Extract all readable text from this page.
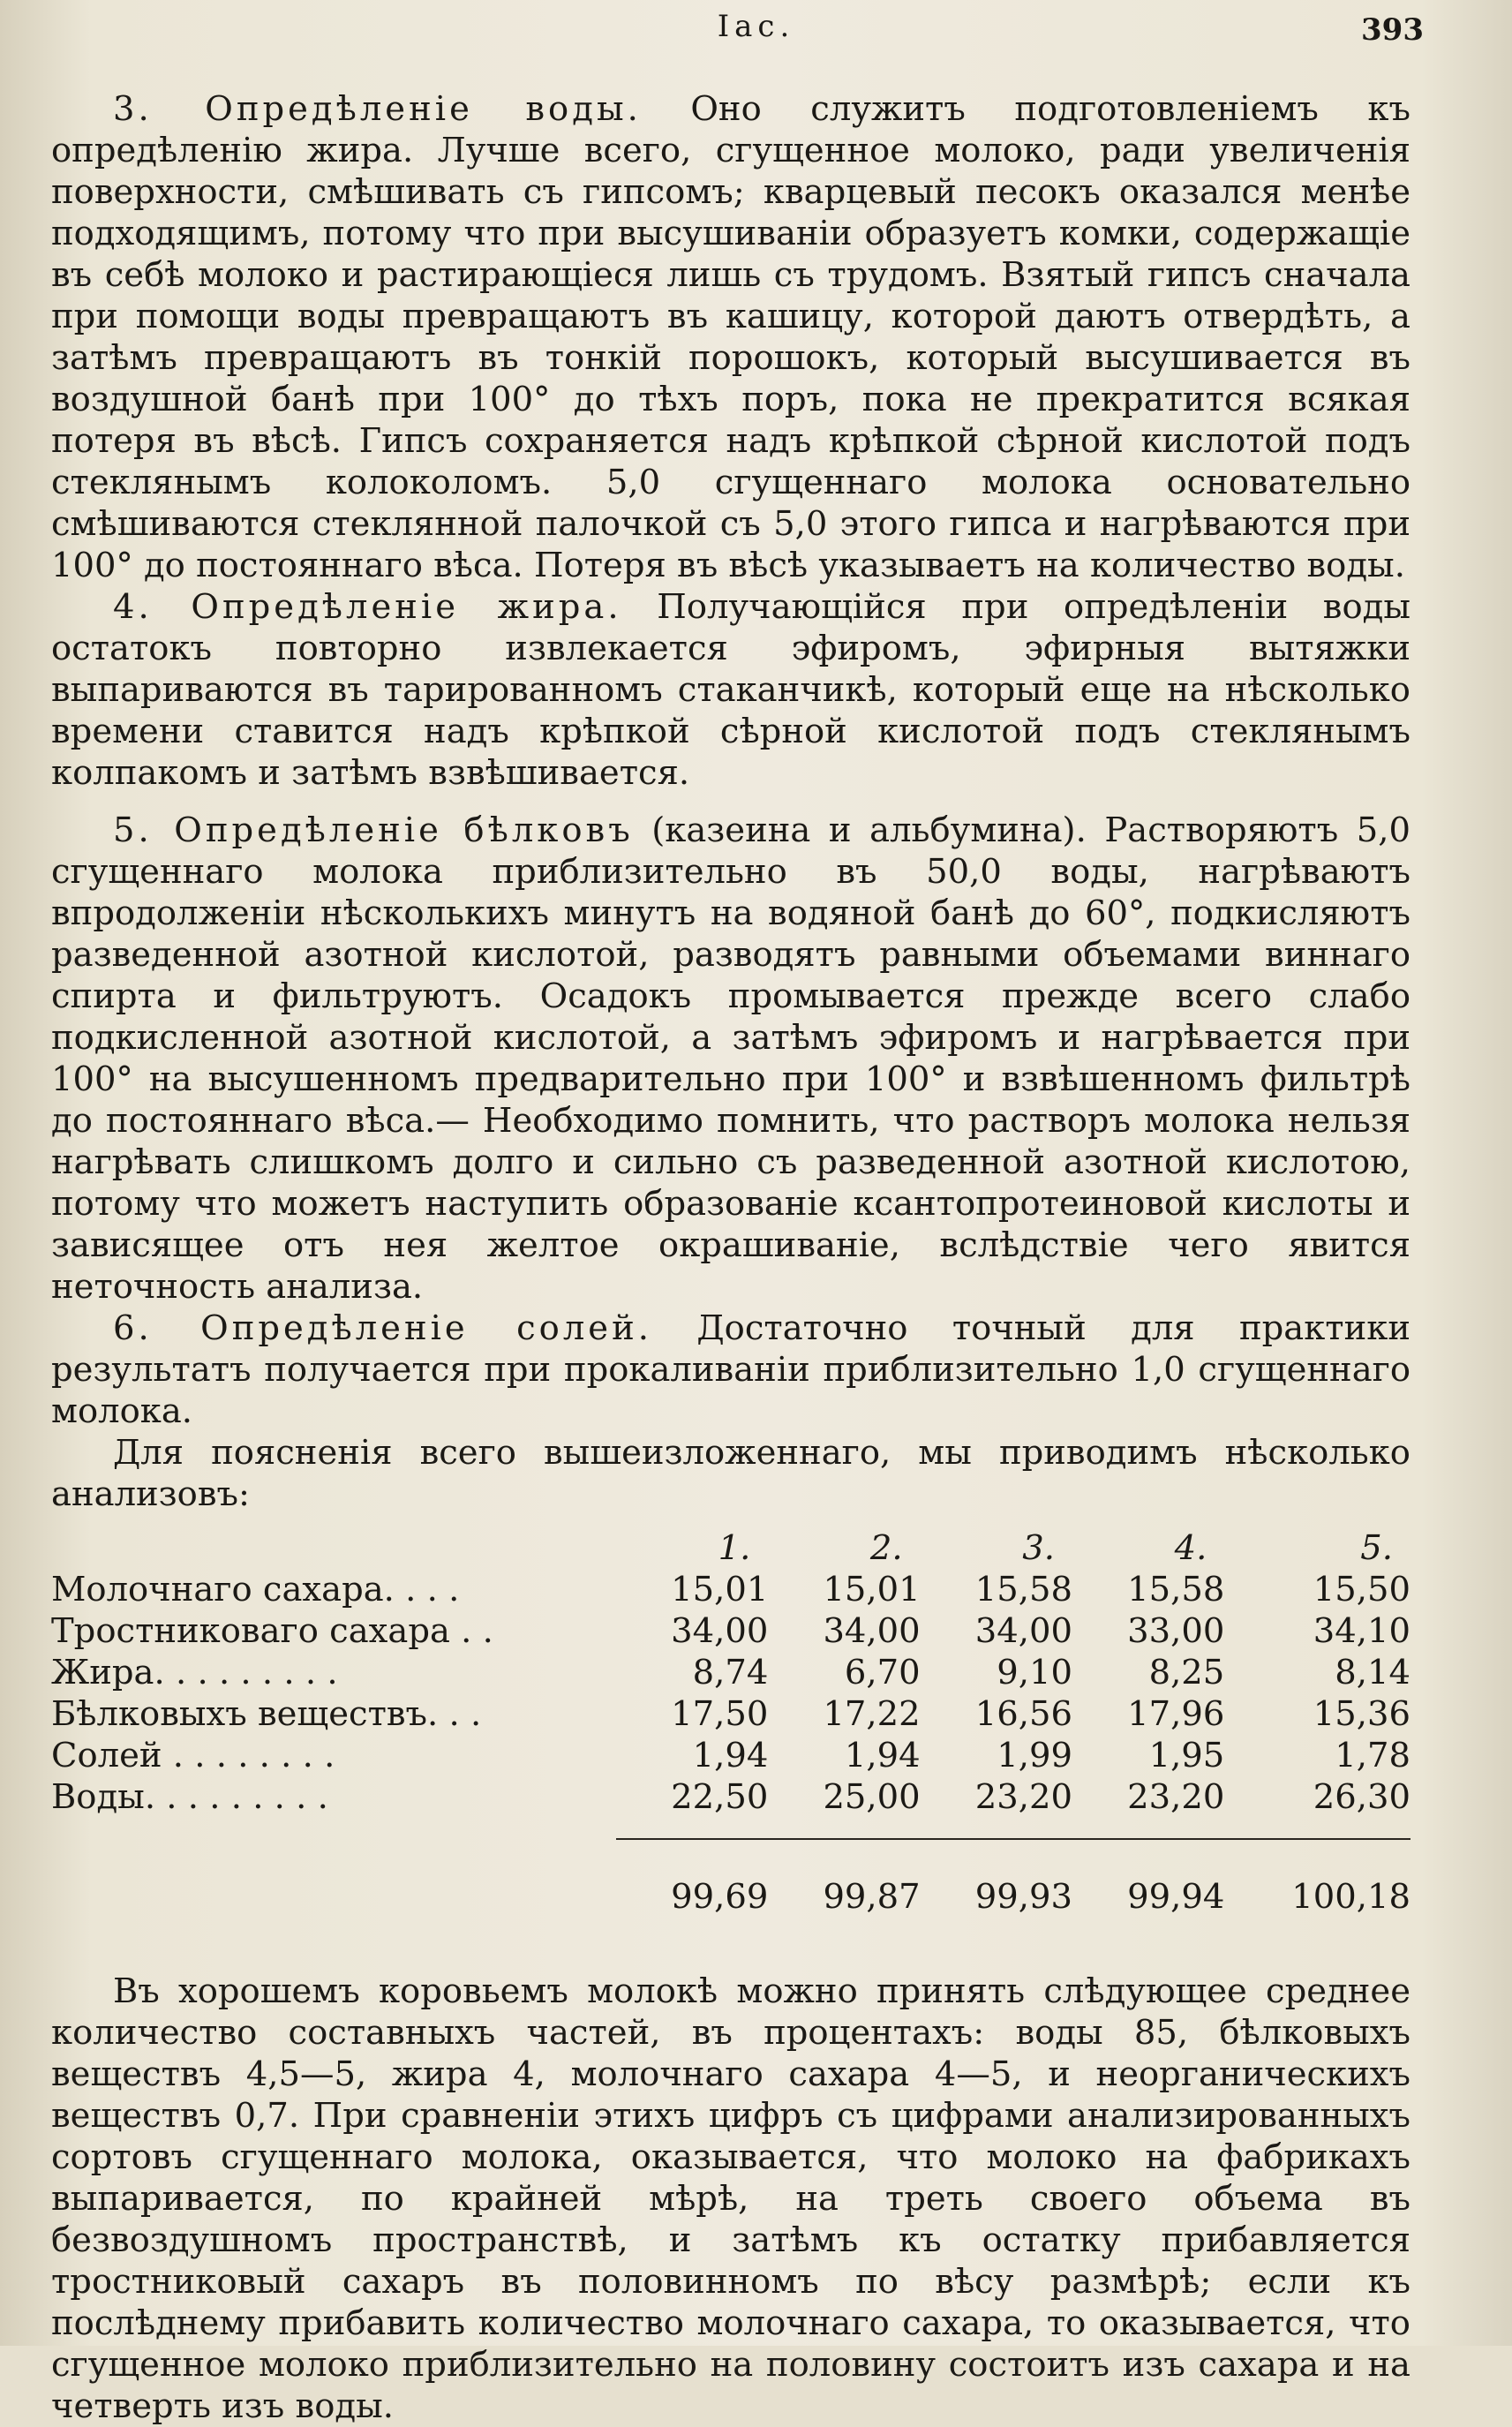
Iас.	393

3. Опредѣленіе воды. Оно служитъ подготовленіемъ къ опредѣленію жира. Лучше всего, сгущенное молоко, ради увеличенія поверхности, смѣшивать съ гипсомъ; кварцевый песокъ оказался менѣе подходящимъ, потому что при высушиваніи образуетъ комки, содержащіе въ себѣ молоко и растирающіеся лишь съ трудомъ. Взятый гипсъ сначала при помощи воды превращаютъ въ кашицу, которой даютъ отвердѣть, а затѣмъ превращаютъ въ тонкій порошокъ, который высушивается въ воздушной банѣ при 100° до тѣхъ поръ, пока не прекратится всякая потеря въ вѣсѣ. Гипсъ сохраняется надъ крѣпкой сѣрной кислотой подъ стеклянымъ колоколомъ. 5,0 сгущеннаго молока основательно смѣшиваются стеклянной палочкой съ 5,0 этого гипса и нагрѣваются при 100° до постояннаго вѣса. Потеря въ вѣсѣ указываетъ на количество воды.

4. Опредѣленіе жира. Получающійся при опредѣленіи воды остатокъ повторно извлекается эфиромъ, эфирныя вытяжки выпариваются въ тарированномъ стаканчикѣ, который еще на нѣсколько времени ставится надъ крѣпкой сѣрной кислотой подъ стеклянымъ колпакомъ и затѣмъ взвѣшивается.

5. Опредѣленіе бѣлковъ (казеина и альбумина). Растворяютъ 5,0 сгущеннаго молока приблизительно въ 50,0 воды, нагрѣваютъ впродолженіи нѣсколькихъ минутъ на водяной банѣ до 60°, подкисляютъ разведенной азотной кислотой, разводятъ равными объемами виннаго спирта и фильтруютъ. Осадокъ промывается прежде всего слабо подкисленной азотной кислотой, а затѣмъ эфиромъ и нагрѣвается при 100° на высушенномъ предварительно при 100° и взвѣшенномъ фильтрѣ до постояннаго вѣса.— Необходимо помнить, что растворъ молока нельзя нагрѣвать слишкомъ долго и сильно съ разведенной азотной кислотою, потому что можетъ наступить образованіе ксантопротеиновой кислоты и зависящее отъ нея желтое окрашиваніе, вслѣдствіе чего явится неточность анализа.

6. Опредѣленіе солей. Достаточно точный для практики результатъ получается при прокаливаніи приблизительно 1,0 сгущеннаго молока.

Для поясненія всего вышеизложеннаго, мы приводимъ нѣсколько анализовъ:

	1.	2.	3.	4.	5.
Молочнаго сахара. . . .	15,01	15,01	15,58	15,58	15,50
Тростниковаго сахара . .	34,00	34,00	34,00	33,00	34,10
Жира. . . . . . . . .	8,74	6,70	9,10	8,25	8,14
Бѣлковыхъ веществъ. . .	17,50	17,22	16,56	17,96	15,36
Солей . . . . . . . .	1,94	1,94	1,99	1,95	1,78
Воды. . . . . . . . .	22,50	25,00	23,20	23,20	26,30

	99,69	99,87	99,93	99,94	100,18

Въ хорошемъ коровьемъ молокѣ можно принять слѣдующее среднее количество составныхъ частей, въ процентахъ: воды 85, бѣлковыхъ веществъ 4,5—5, жира 4, молочнаго сахара 4—5, и неорганическихъ веществъ 0,7. При сравненіи этихъ цифръ съ цифрами анализированныхъ сортовъ сгущеннаго молока, оказывается, что молоко на фабрикахъ выпаривается, по крайней мѣрѣ, на треть своего объема въ безвоздушномъ пространствѣ, и затѣмъ къ остатку прибавляется тростниковый сахаръ въ половинномъ по вѣсу размѣрѣ; если къ послѣднему прибавить количество молочнаго сахара, то оказывается, что сгущенное молоко приблизительно на половину состоитъ изъ сахара и на четверть изъ воды.
